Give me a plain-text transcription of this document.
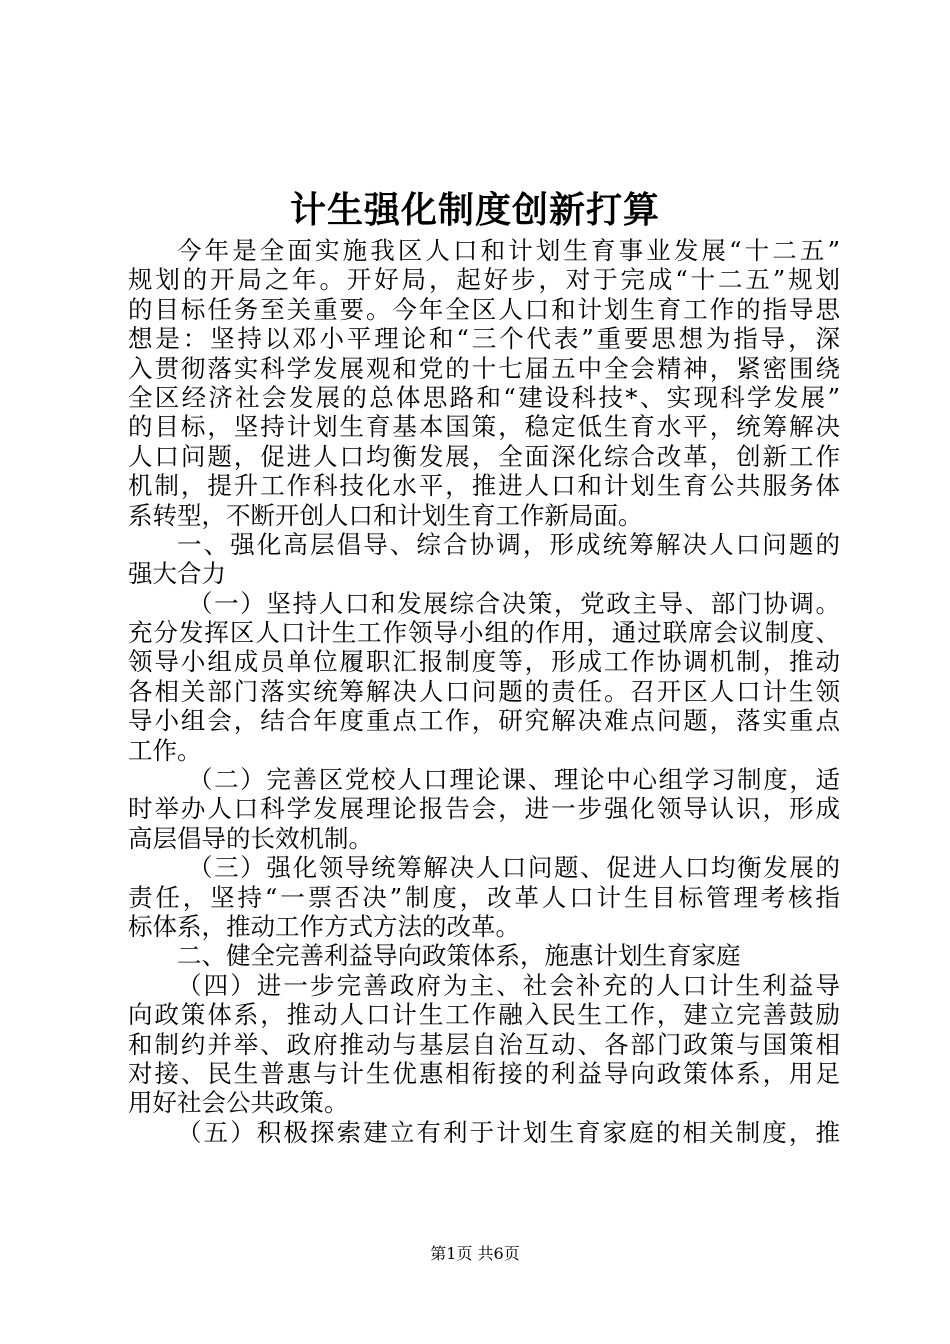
计生强化制度创新打算
今年是全面实施我区人口和计划生育事业发展“十二五”
规划的开局之年。开好局，起好步，对于完成“十二五”规划
的目标任务至关重要。今年全区人口和计划生育工作的指导思
想是：坚持以邓小平理论和“三个代表”重要思想为指导，深
入贯彻落实科学发展观和党的十七届五中全会精神，紧密围绕
全区经济社会发展的总体思路和“建设科技*、实现科学发展”
的目标，坚持计划生育基本国策，稳定低生育水平，统筹解决
人口问题，促进人口均衡发展，全面深化综合改革，创新工作
机制，提升工作科技化水平，推进人口和计划生育公共服务体
系转型，不断开创人口和计划生育工作新局面。
一、强化高层倡导、综合协调，形成统筹解决人口问题的
强大合力
（一）坚持人口和发展综合决策，党政主导、部门协调。
充分发挥区人口计生工作领导小组的作用，通过联席会议制度、
领导小组成员单位履职汇报制度等，形成工作协调机制，推动
各相关部门落实统筹解决人口问题的责任。召开区人口计生领
导小组会，结合年度重点工作，研究解决难点问题，落实重点
工作。
（二）完善区党校人口理论课、理论中心组学习制度，适
时举办人口科学发展理论报告会，进一步强化领导认识，形成
高层倡导的长效机制。
（三）强化领导统筹解决人口问题、促进人口均衡发展的
责任，坚持“一票否决”制度，改革人口计生目标管理考核指
标体系，推动工作方式方法的改革。
二、健全完善利益导向政策体系，施惠计划生育家庭
（四）进一步完善政府为主、社会补充的人口计生利益导
向政策体系，推动人口计生工作融入民生工作，建立完善鼓励
和制约并举、政府推动与基层自治互动、各部门政策与国策相
对接、民生普惠与计生优惠相衔接的利益导向政策体系，用足
用好社会公共政策。
（五）积极探索建立有利于计划生育家庭的相关制度，推
第1页 共6页
